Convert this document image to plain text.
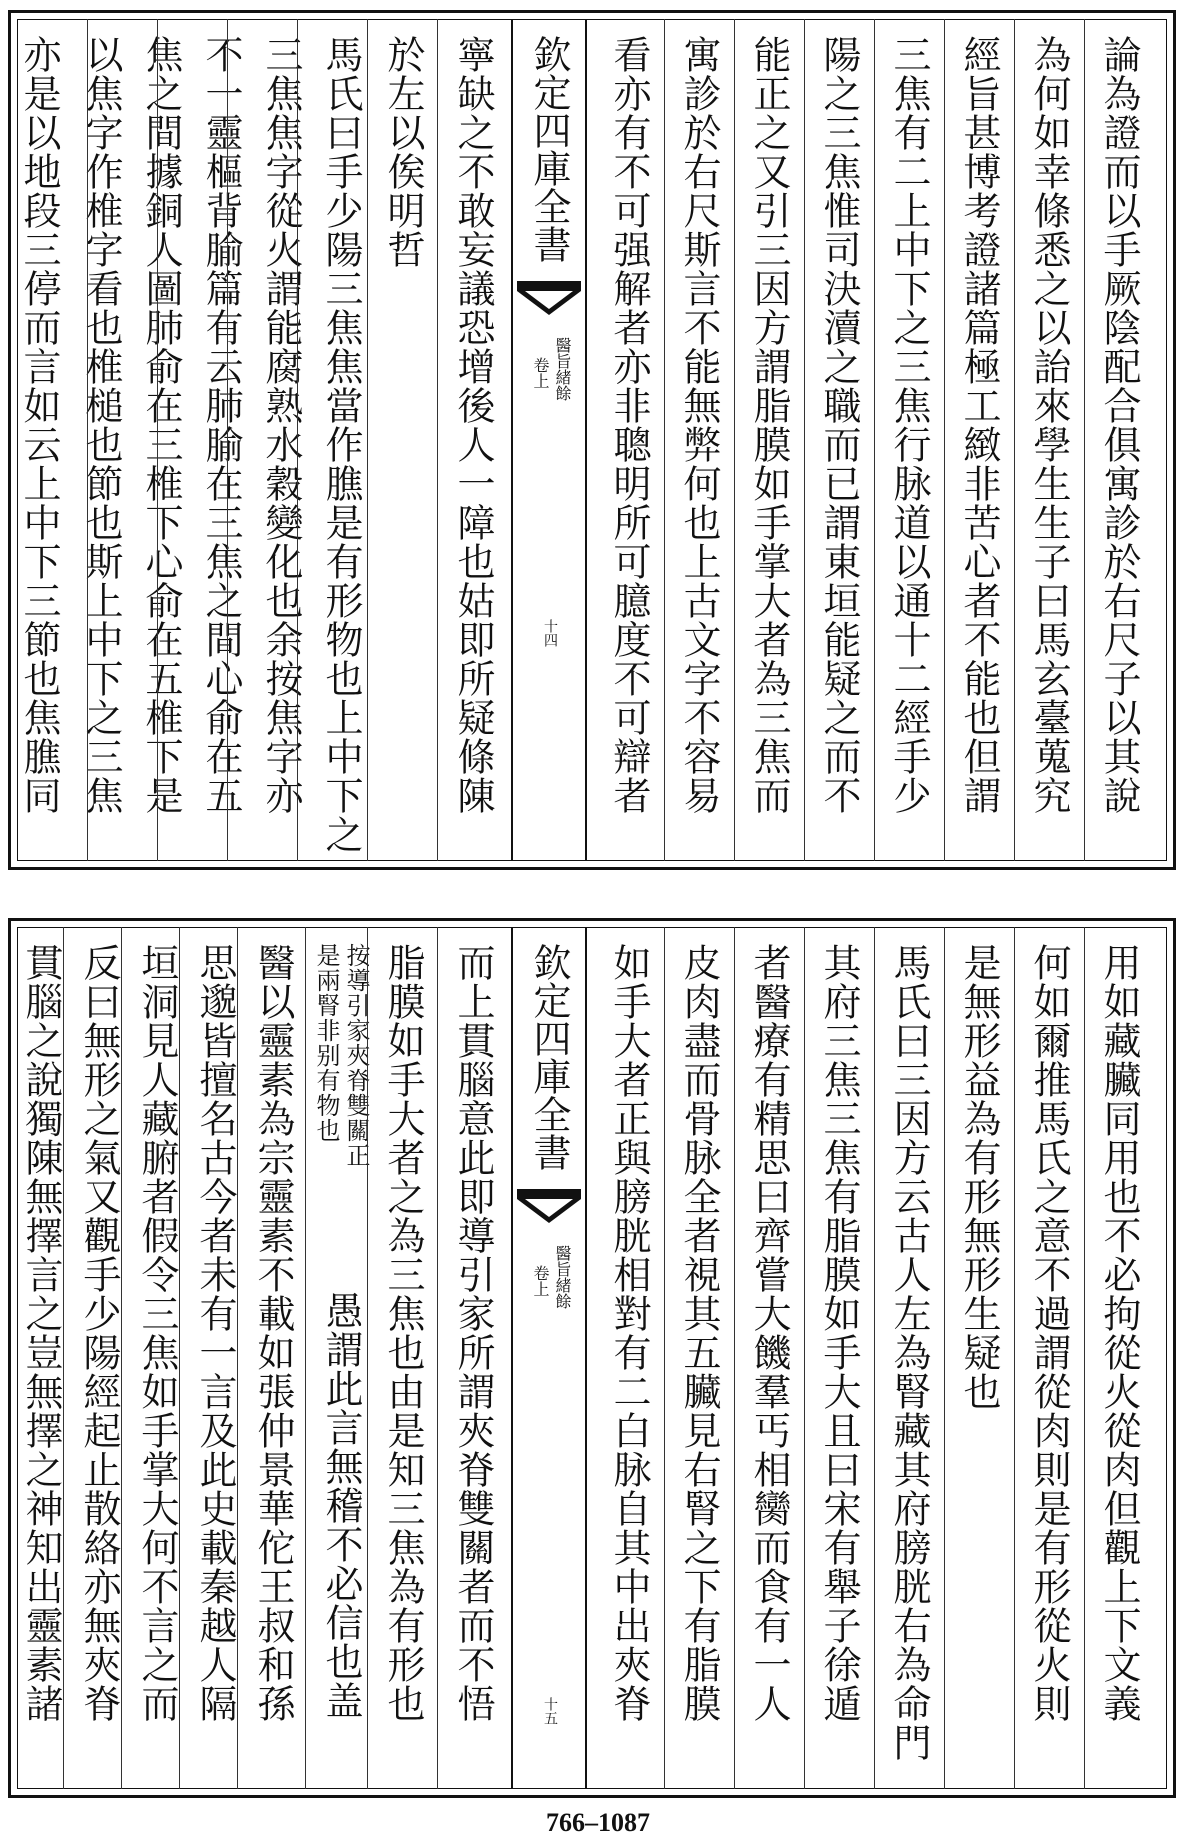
論為證而以手厥陰配合俱寓診於右尺子以其說
為何如幸條悉之以詒來學生生子曰馬玄臺蒐究
經旨甚博考證諸篇極工緻非苦心者不能也但謂
三焦有二上中下之三焦行脉道以通十二經手少
陽之三焦惟司決瀆之職而已謂東垣能疑之而不
能正之又引三因方謂脂膜如手掌大者為三焦而
寓診於右尺斯言不能無弊何也上古文字不容易
看亦有不可强解者亦非聰明所可臆度不可辯者
欽定四庫全書
醫旨緒餘
卷上
十四
寧缺之不敢妄議恐增後人一障也姑即所疑條陳
於左以俟明哲
馬氏曰手少陽三焦焦當作膲是有形物也上中下之
三焦焦字從火謂能腐熟水穀變化也余按焦字亦
不一靈樞背腧篇有云肺腧在三焦之間心俞在五
焦之間據銅人圖肺俞在三椎下心俞在五椎下是
以焦字作椎字看也椎槌也節也斯上中下之三焦
亦是以地段三停而言如云上中下三節也焦膲同
用如藏臟同用也不必拘從火從肉但觀上下文義
何如爾推馬氏之意不過謂從肉則是有形從火則
是無形益為有形無形生疑也
馬氏曰三因方云古人左為腎藏其府膀胱右為命門
其府三焦三焦有脂膜如手大且曰宋有舉子徐遁
者醫療有精思曰齊嘗大饑羣丐相臠而食有一人
皮肉盡而骨脉全者視其五臟見右腎之下有脂膜
如手大者正與膀胱相對有二白脉自其中出夾脊
欽定四庫全書
醫旨緒餘
卷上
十五
而上貫腦意此即導引家所謂夾脊雙關者而不悟
脂膜如手大者之為三焦也由是知三焦為有形也
按導引家夾脊雙關正
是兩腎非别有物也
愚謂此言無稽不必信也盖
醫以靈素為宗靈素不載如張仲景華佗王叔和孫
思邈皆擅名古今者未有一言及此史載秦越人隔
垣洞見人藏腑者假令三焦如手掌大何不言之而
反曰無形之氣又觀手少陽經起止散絡亦無夾脊
貫腦之說獨陳無擇言之豈無擇之神知出靈素諸
766–1087
